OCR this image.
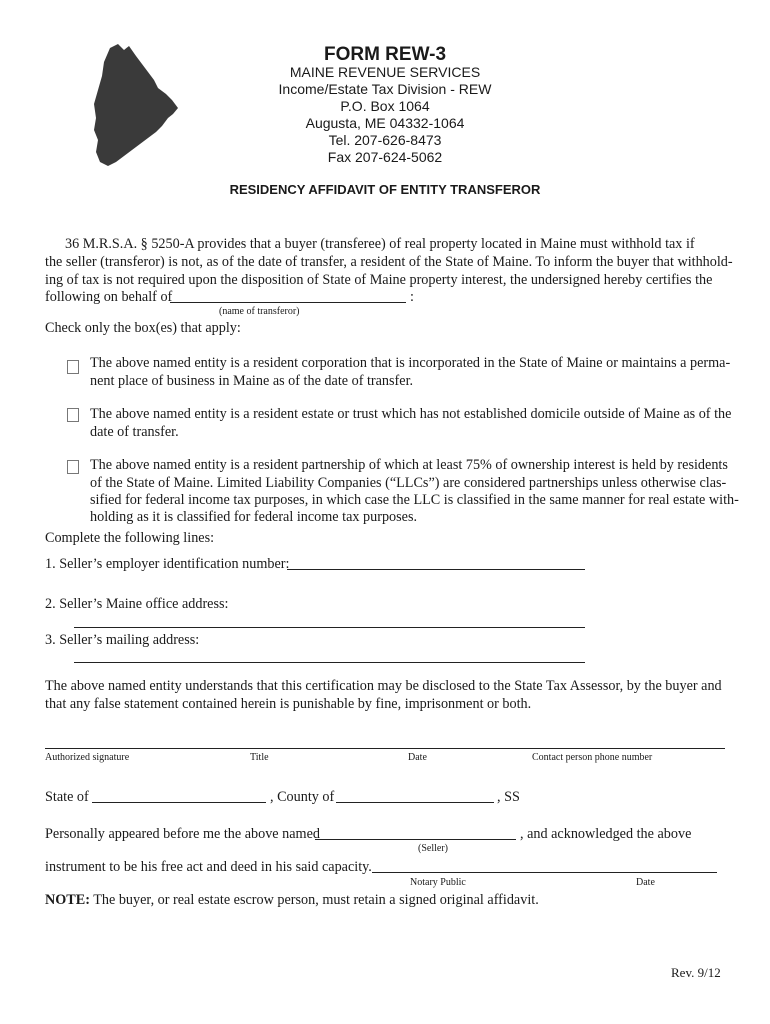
FORM REW-3
MAINE REVENUE SERVICES
Income/Estate Tax Division - REW
P.O. Box 1064
Augusta, ME 04332-1064
Tel. 207-626-8473
Fax 207-624-5062
RESIDENCY AFFIDAVIT OF ENTITY TRANSFEROR
36 M.R.S.A. § 5250-A provides that a buyer (transferee) of real property located in Maine must withhold tax if
the seller (transferor) is not, as of the date of transfer, a resident of the State of Maine. To inform the buyer that withhold-
ing of tax is not required upon the disposition of State of Maine property interest, the undersigned hereby certifies the
following on behalf of	:
(name of transferor)
Check only the box(es) that apply:
The above named entity is a resident corporation that is incorporated in the State of Maine or maintains a perma-
nent place of business in Maine as of the date of transfer.
The above named entity is a resident estate or trust which has not established domicile outside of Maine as of the
date of transfer.
The above named entity is a resident partnership of which at least 75% of ownership interest is held by residents
of the State of Maine. Limited Liability Companies (“LLCs”) are considered partnerships unless otherwise clas-
sified for federal income tax purposes, in which case the LLC is classified in the same manner for real estate with-
holding as it is classified for federal income tax purposes.
Complete the following lines:
1. Seller’s employer identification number:
2. Seller’s Maine office address:
3. Seller’s mailing address:
The above named entity understands that this certification may be disclosed to the State Tax Assessor, by the buyer and
that any false statement contained herein is punishable by fine, imprisonment or both.
Authorized signature	Title	Date	Contact person phone number
State of	, County of	, SS
Personally appeared before me the above named	, and acknowledged the above
(Seller)
instrument to be his free act and deed in his said capacity.
Notary Public	Date
NOTE: The buyer, or real estate escrow person, must retain a signed original affidavit.
Rev. 9/12
